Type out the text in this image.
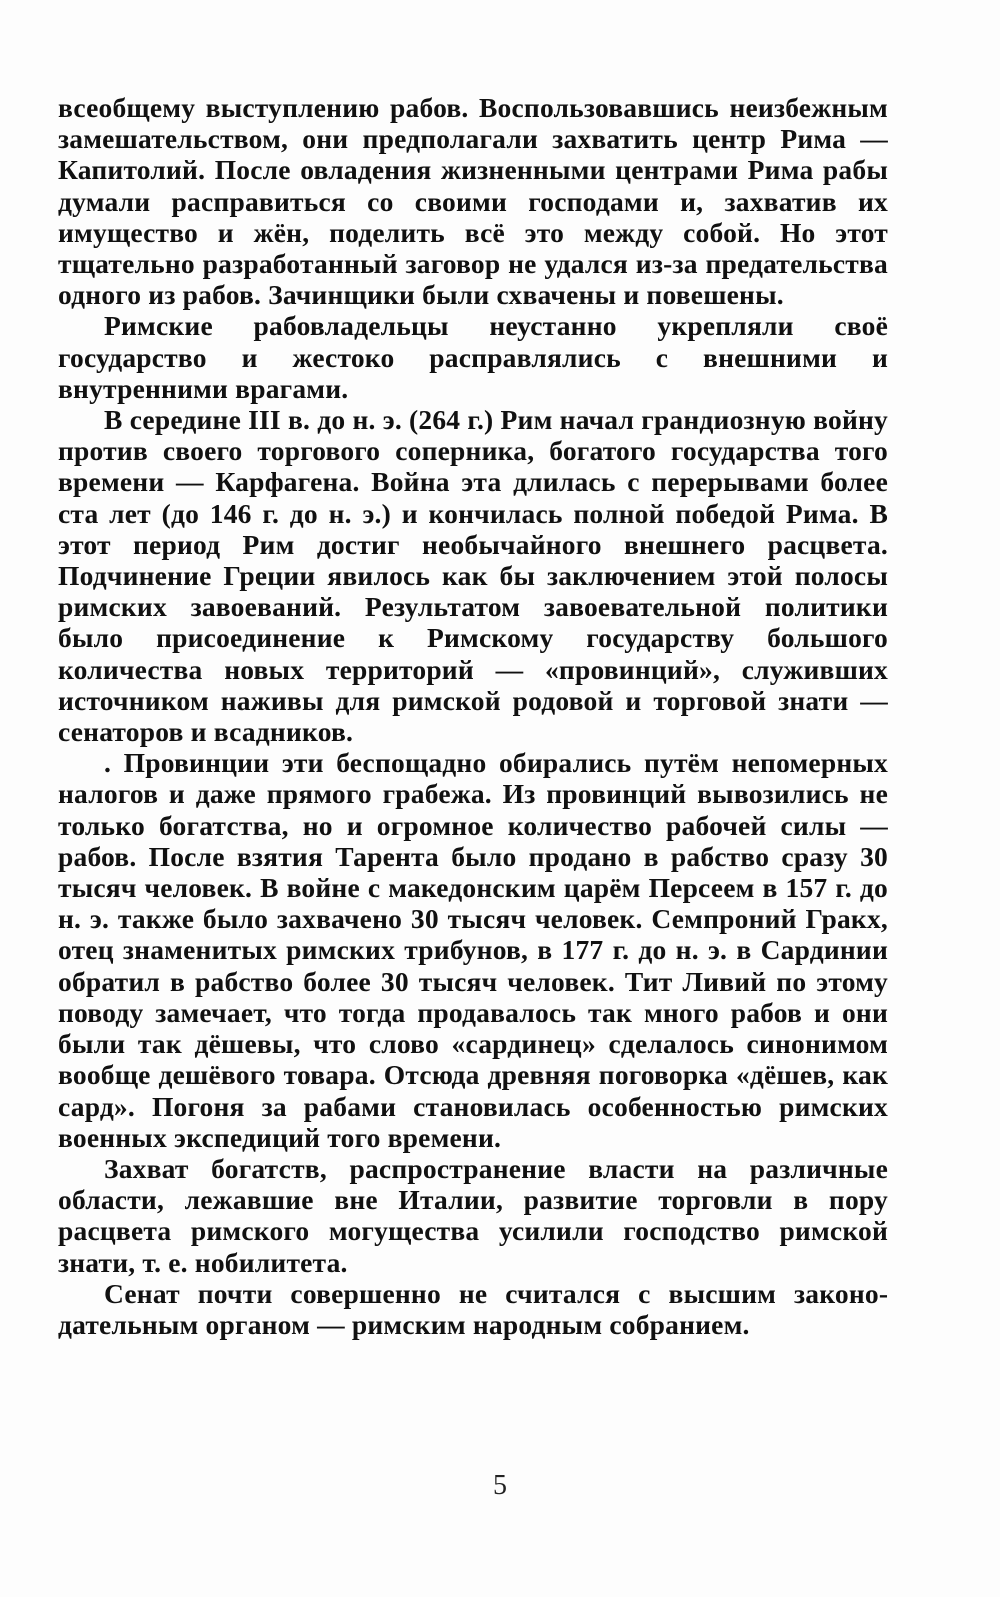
всеобщему выступлению рабов. Воспользовавшись неизбежным замешательством, они предполагали захватить центр Рима — Капитолий. После овладения жизненными центрами Рима рабы думали расправиться со своими господами и, захватив их имущество и жён, поделить всё это между собой. Но этот тщательно разработанный заговор не удался из-за предательства одного из рабов. Зачинщики были схвачены и повешены.

Римские рабовладельцы неустанно укрепляли своё государство и жестоко расправлялись с внешними и внутренними врагами.

В середине III в. до н. э. (264 г.) Рим начал грандиозную войну против своего торгового соперника, богатого государства того времени — Карфагена. Война эта длилась с перерывами более ста лет (до 146 г. до н. э.) и кончилась полной победой Рима. В этот период Рим достиг необычайного внешнего расцвета. Подчинение Греции явилось как бы заключением этой полосы римских завоеваний. Результатом завоевательной политики было присоединение к Римскому государству большого количества новых территорий — «провинций», служивших источником наживы для римской родовой и торговой знати — сенаторов и всадников.

. Провинции эти беспощадно обирались путём непомерных налогов и даже прямого грабежа. Из провинций вывозились не только богатства, но и огромное количество рабочей силы — рабов. После взятия Тарента было продано в рабство сразу 30 тысяч человек. В войне с македонским царём Персеем в 157 г. до н. э. также было захвачено 30 тысяч человек. Семпроний Гракх, отец знаменитых римских трибунов, в 177 г. до н. э. в Сардинии обратил в рабство более 30 тысяч человек. Тит Ливий по этому поводу замечает, что тогда продавалось так много рабов и они были так дёшевы, что слово «сардинец» сделалось синонимом вообще дешёвого товара. Отсюда древняя поговорка «дёшев, как сард». Погоня за рабами становилась особенностью римских военных экспедиций того времени.

Захват богатств, распространение власти на различные области, лежавшие вне Италии, развитие торговли в пору расцвета римского могущества усилили господство римской знати, т. е. нобилитета.

Сенат почти совершенно не считался с высшим законодательным органом — римским народным собранием.

5
